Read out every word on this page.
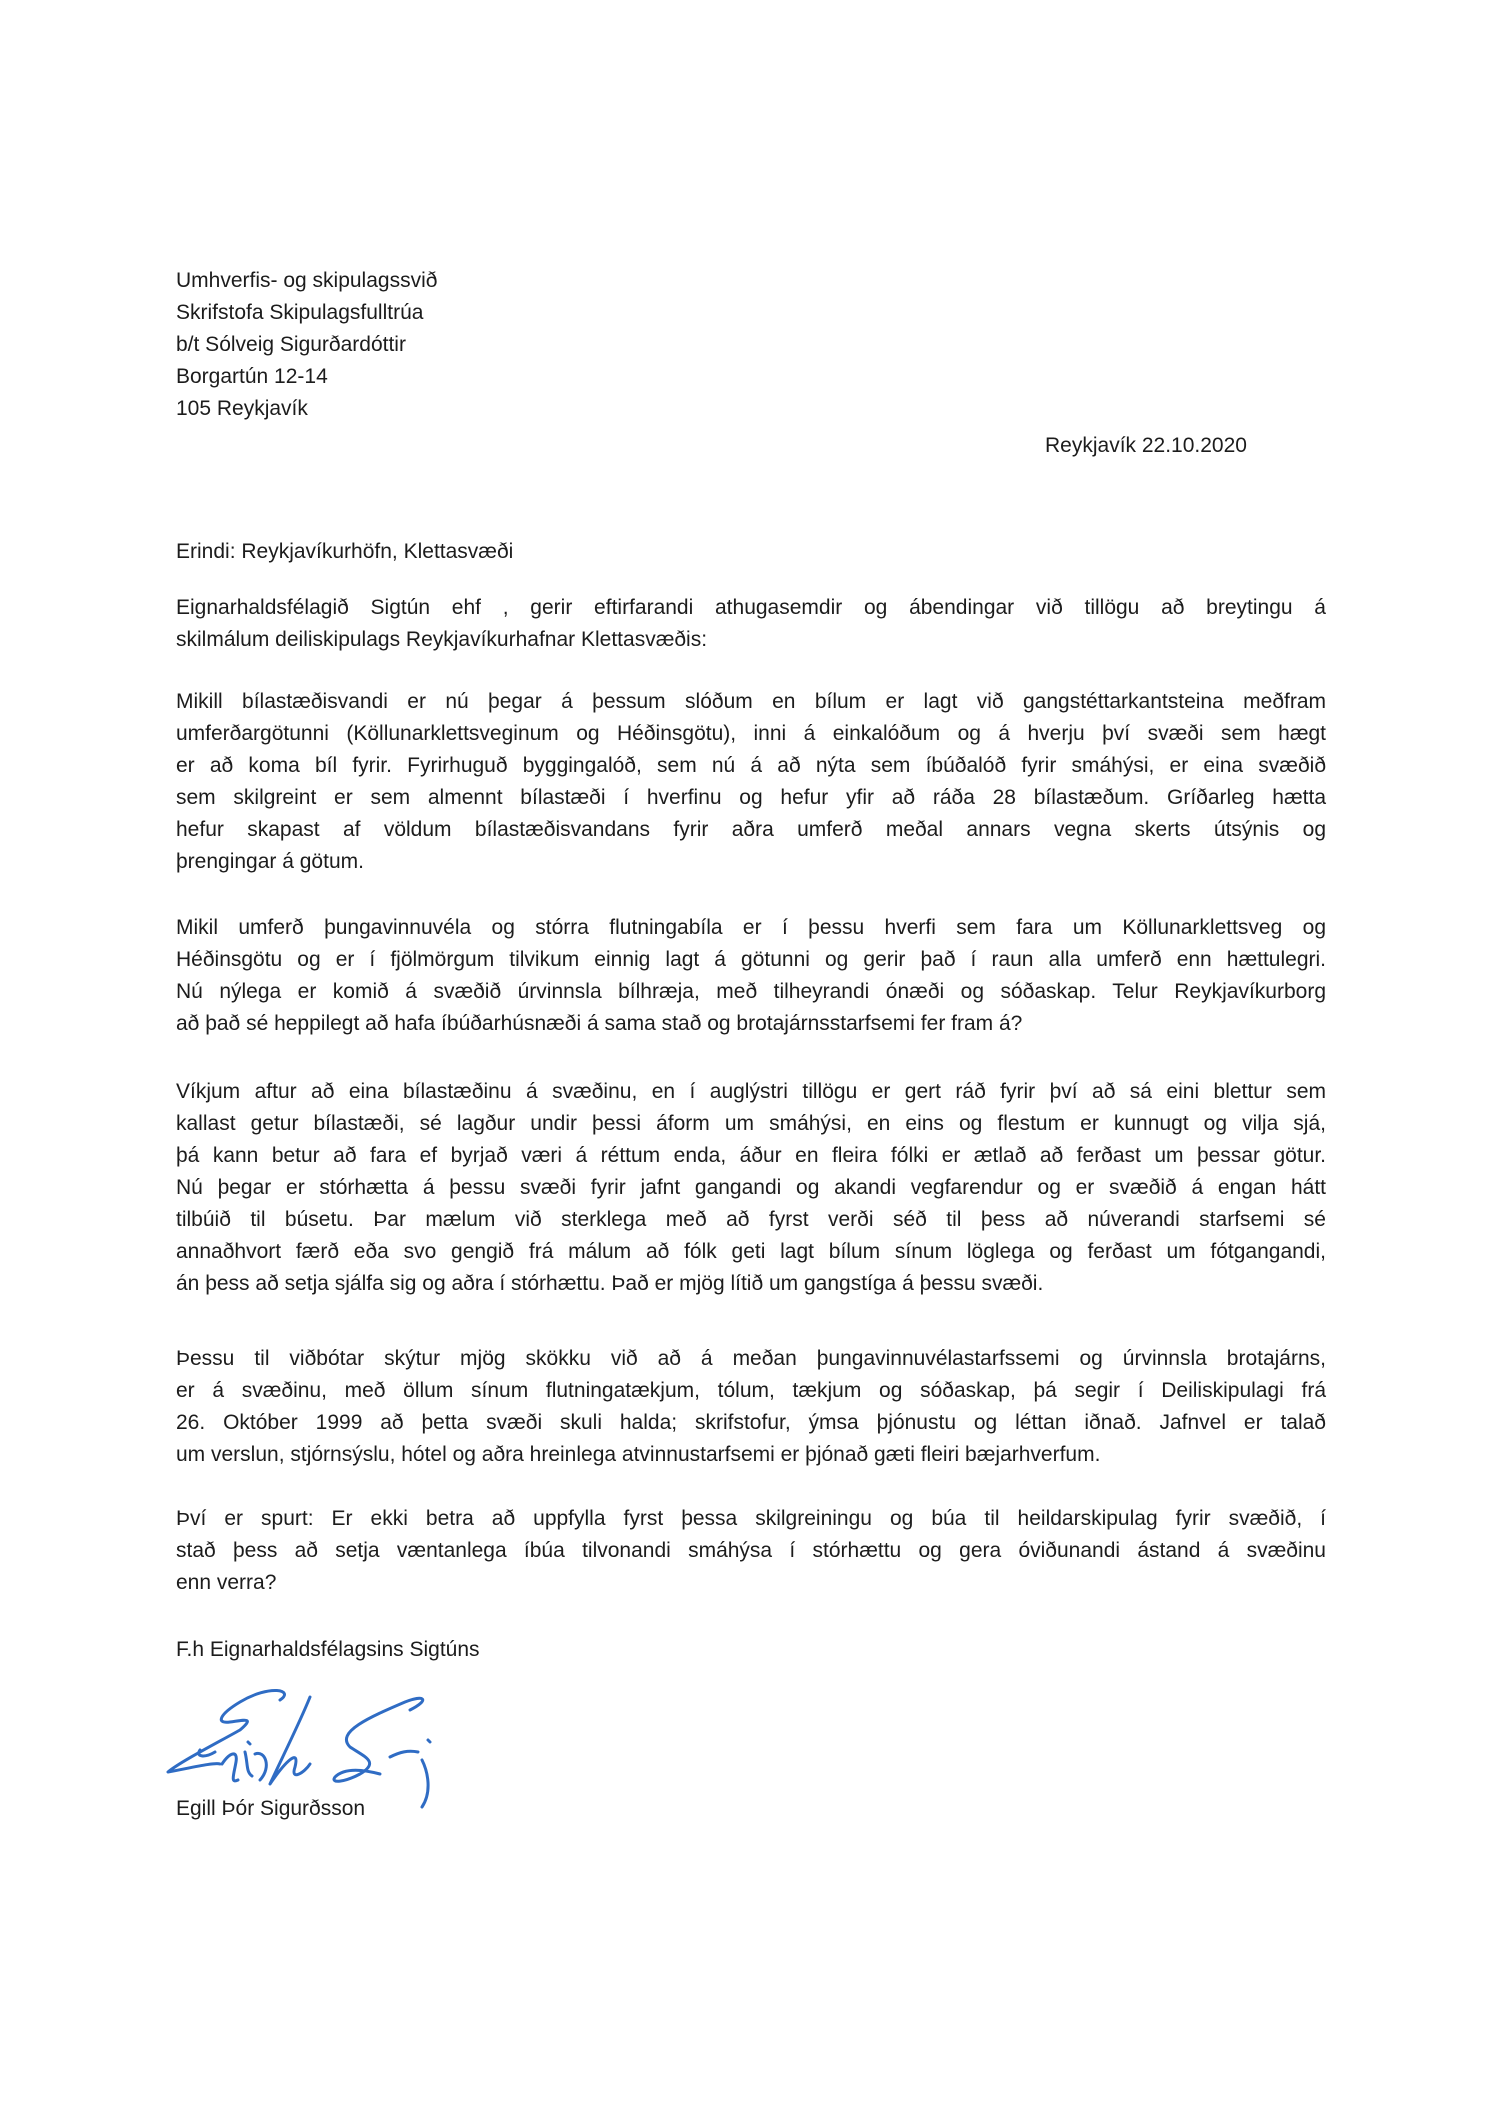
Umhverfis- og skipulagssvið
Skrifstofa Skipulagsfulltrúa
b/t Sólveig Sigurðardóttir
Borgartún 12-14
105 Reykjavík
Reykjavík 22.10.2020
Erindi: Reykjavíkurhöfn, Klettasvæði
Eignarhaldsfélagið Sigtún ehf , gerir eftirfarandi athugasemdir og ábendingar við tillögu að breytingu á
skilmálum deiliskipulags Reykjavíkurhafnar Klettasvæðis:
Mikill bílastæðisvandi er nú þegar á þessum slóðum en bílum er lagt við gangstéttarkantsteina meðfram
umferðargötunni (Köllunarklettsveginum og Héðinsgötu), inni á einkalóðum og á hverju því svæði sem hægt
er að koma bíl fyrir. Fyrirhuguð byggingalóð, sem nú á að nýta sem íbúðalóð fyrir smáhýsi, er eina svæðið
sem skilgreint er sem almennt bílastæði í hverfinu og hefur yfir að ráða 28 bílastæðum. Gríðarleg hætta
hefur skapast af völdum bílastæðisvandans fyrir aðra umferð meðal annars vegna skerts útsýnis og
þrengingar á götum.
Mikil umferð þungavinnuvéla og stórra flutningabíla er í þessu hverfi sem fara um Köllunarklettsveg og
Héðinsgötu og er í fjölmörgum tilvikum einnig lagt á götunni og gerir það í raun alla umferð enn hættulegri.
Nú nýlega er komið á svæðið úrvinnsla bílhræja, með tilheyrandi ónæði og sóðaskap. Telur Reykjavíkurborg
að það sé heppilegt að hafa íbúðarhúsnæði á sama stað og brotajárnsstarfsemi fer fram á?
Víkjum aftur að eina bílastæðinu á svæðinu, en í auglýstri tillögu er gert ráð fyrir því að sá eini blettur sem
kallast getur bílastæði, sé lagður undir þessi áform um smáhýsi, en eins og flestum er kunnugt og vilja sjá,
þá kann betur að fara ef byrjað væri á réttum enda, áður en fleira fólki er ætlað að ferðast um þessar götur.
Nú þegar er stórhætta á þessu svæði fyrir jafnt gangandi og akandi vegfarendur og er svæðið á engan hátt
tilbúið til búsetu. Þar mælum við sterklega með að fyrst verði séð til þess að núverandi starfsemi sé
annaðhvort færð eða svo gengið frá málum að fólk geti lagt bílum sínum löglega og ferðast um fótgangandi,
án þess að setja sjálfa sig og aðra í stórhættu. Það er mjög lítið um gangstíga á þessu svæði.
Þessu til viðbótar skýtur mjög skökku við að á meðan þungavinnuvélastarfssemi og úrvinnsla brotajárns,
er á svæðinu, með öllum sínum flutningatækjum, tólum, tækjum og sóðaskap, þá segir í Deiliskipulagi frá
26. Október 1999 að þetta svæði skuli halda; skrifstofur, ýmsa þjónustu og léttan iðnað. Jafnvel er talað
um verslun, stjórnsýslu, hótel og aðra hreinlega atvinnustarfsemi er þjónað gæti fleiri bæjarhverfum.
Því er spurt: Er ekki betra að uppfylla fyrst þessa skilgreiningu og búa til heildarskipulag fyrir svæðið, í
stað þess að setja væntanlega íbúa tilvonandi smáhýsa í stórhættu og gera óviðunandi ástand á svæðinu
enn verra?
F.h Eignarhaldsfélagsins Sigtúns
Egill Þór Sigurðsson
